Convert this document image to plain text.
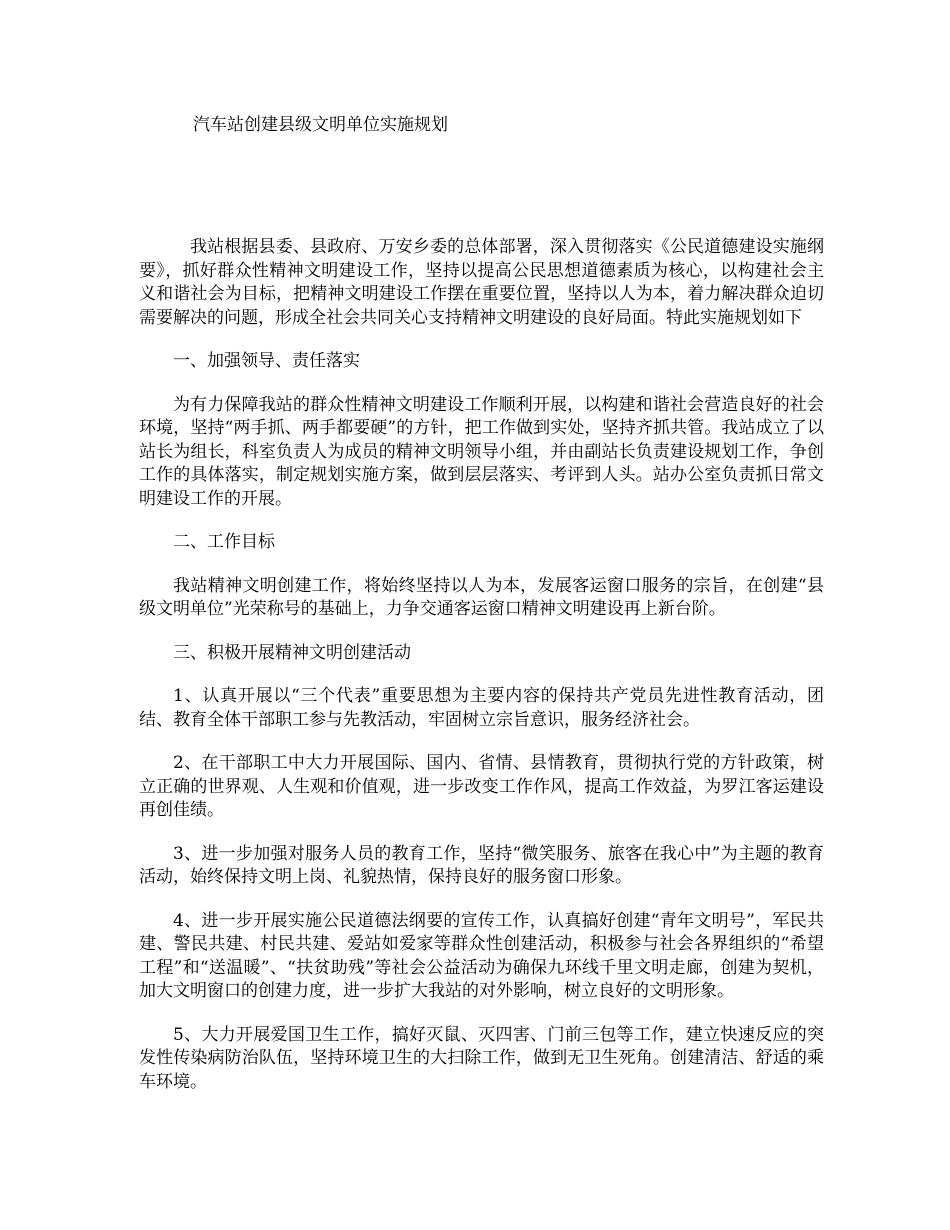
汽车站创建县级文明单位实施规划

我站根据县委、县政府、万安乡委的总体部署，深入贯彻落实《公民道德建设实施纲要》，抓好群众性精神文明建设工作，坚持以提高公民思想道德素质为核心，以构建社会主义和谐社会为目标，把精神文明建设工作摆在重要位置，坚持以人为本，着力解决群众迫切需要解决的问题，形成全社会共同关心支持精神文明建设的良好局面。特此实施规划如下

一、加强领导、责任落实

为有力保障我站的群众性精神文明建设工作顺利开展，以构建和谐社会营造良好的社会环境，坚持“两手抓、两手都要硬”的方针，把工作做到实处，坚持齐抓共管。我站成立了以站长为组长，科室负责人为成员的精神文明领导小组，并由副站长负责建设规划工作，争创工作的具体落实，制定规划实施方案，做到层层落实、考评到人头。站办公室负责抓日常文明建设工作的开展。

二、工作目标

我站精神文明创建工作，将始终坚持以人为本，发展客运窗口服务的宗旨，在创建“县级文明单位”光荣称号的基础上，力争交通客运窗口精神文明建设再上新台阶。

三、积极开展精神文明创建活动

1、认真开展以“三个代表”重要思想为主要内容的保持共产党员先进性教育活动，团结、教育全体干部职工参与先教活动，牢固树立宗旨意识，服务经济社会。

2、在干部职工中大力开展国际、国内、省情、县情教育，贯彻执行党的方针政策，树立正确的世界观、人生观和价值观，进一步改变工作作风，提高工作效益，为罗江客运建设再创佳绩。

3、进一步加强对服务人员的教育工作，坚持“微笑服务、旅客在我心中”为主题的教育活动，始终保持文明上岗、礼貌热情，保持良好的服务窗口形象。

4、进一步开展实施公民道德法纲要的宣传工作，认真搞好创建“青年文明号”，军民共建、警民共建、村民共建、爱站如爱家等群众性创建活动，积极参与社会各界组织的“希望工程”和“送温暖”、“扶贫助残”等社会公益活动为确保九环线千里文明走廊，创建为契机，加大文明窗口的创建力度，进一步扩大我站的对外影响，树立良好的文明形象。

5、大力开展爱国卫生工作，搞好灭鼠、灭四害、门前三包等工作，建立快速反应的突发性传染病防治队伍，坚持环境卫生的大扫除工作，做到无卫生死角。创建清洁、舒适的乘车环境。
